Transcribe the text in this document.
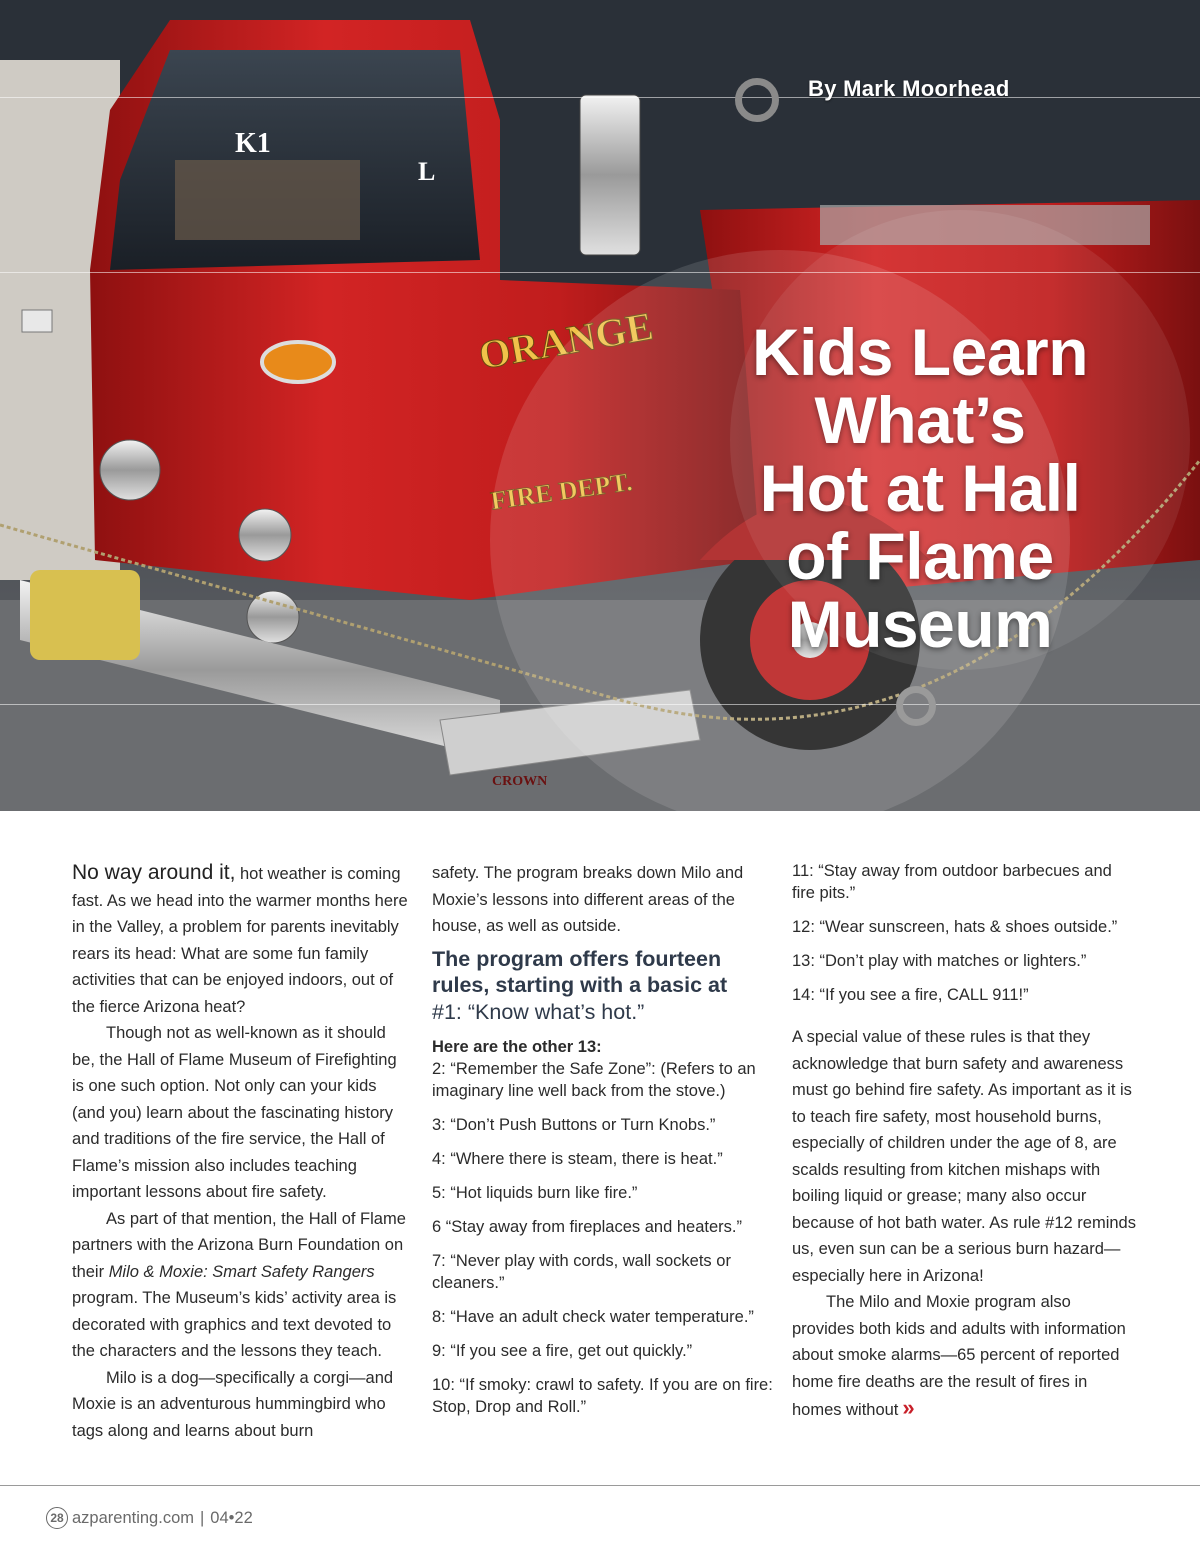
K1
L
ORANGE
FIRE DEPT.
CROWN
By Mark Moorhead
Kids Learn
What’s
Hot at Hall
of Flame
Museum

No way around it, hot weather is coming fast. As we head into the warmer months here in the Valley, a problem for parents inevitably rears its head: What are some fun family activities that can be enjoyed indoors, out of the fierce Arizona heat?

Though not as well-known as it should be, the Hall of Flame Museum of Firefighting is one such option. Not only can your kids (and you) learn about the fascinating history and traditions of the fire service, the Hall of Flame’s mission also includes teaching important lessons about fire safety.

As part of that mention, the Hall of Flame partners with the Arizona Burn Foundation on their Milo & Moxie: Smart Safety Rangers program. The Museum’s kids’ activity area is decorated with graphics and text devoted to the characters and the lessons they teach.

Milo is a dog—specifically a corgi—and Moxie is an adventurous hummingbird who tags along and learns about burn

safety. The program breaks down Milo and Moxie’s lessons into different areas of the house, as well as outside.

The program offers fourteen rules, starting with a basic at
#1: “Know what’s hot.”
Here are the other 13:
2: “Remember the Safe Zone”: (Refers to an imaginary line well back from the stove.)
3: “Don’t Push Buttons or Turn Knobs.”
4: “Where there is steam, there is heat.”
5: “Hot liquids burn like fire.”
6 “Stay away from fireplaces and heaters.”
7: “Never play with cords, wall sockets or cleaners.”
8: “Have an adult check water temperature.”
9: “If you see a fire, get out quickly.”
10: “If smoky: crawl to safety. If you are on fire: Stop, Drop and Roll.”
11: “Stay away from outdoor barbecues and fire pits.”
12: “Wear sunscreen, hats & shoes outside.”
13: “Don’t play with matches or lighters.”
14: “If you see a fire, CALL 911!”

A special value of these rules is that they acknowledge that burn safety and awareness must go behind fire safety. As important as it is to teach fire safety, most household burns, especially of children under the age of 8, are scalds resulting from kitchen mishaps with boiling liquid or grease; many also occur because of hot bath water. As rule #12 reminds us, even sun can be a serious burn hazard—especially here in Arizona!

The Milo and Moxie program also provides both kids and adults with information about smoke alarms—65 percent of reported home fire deaths are the result of fires in homes without »

28 azparenting.com | 04•22
